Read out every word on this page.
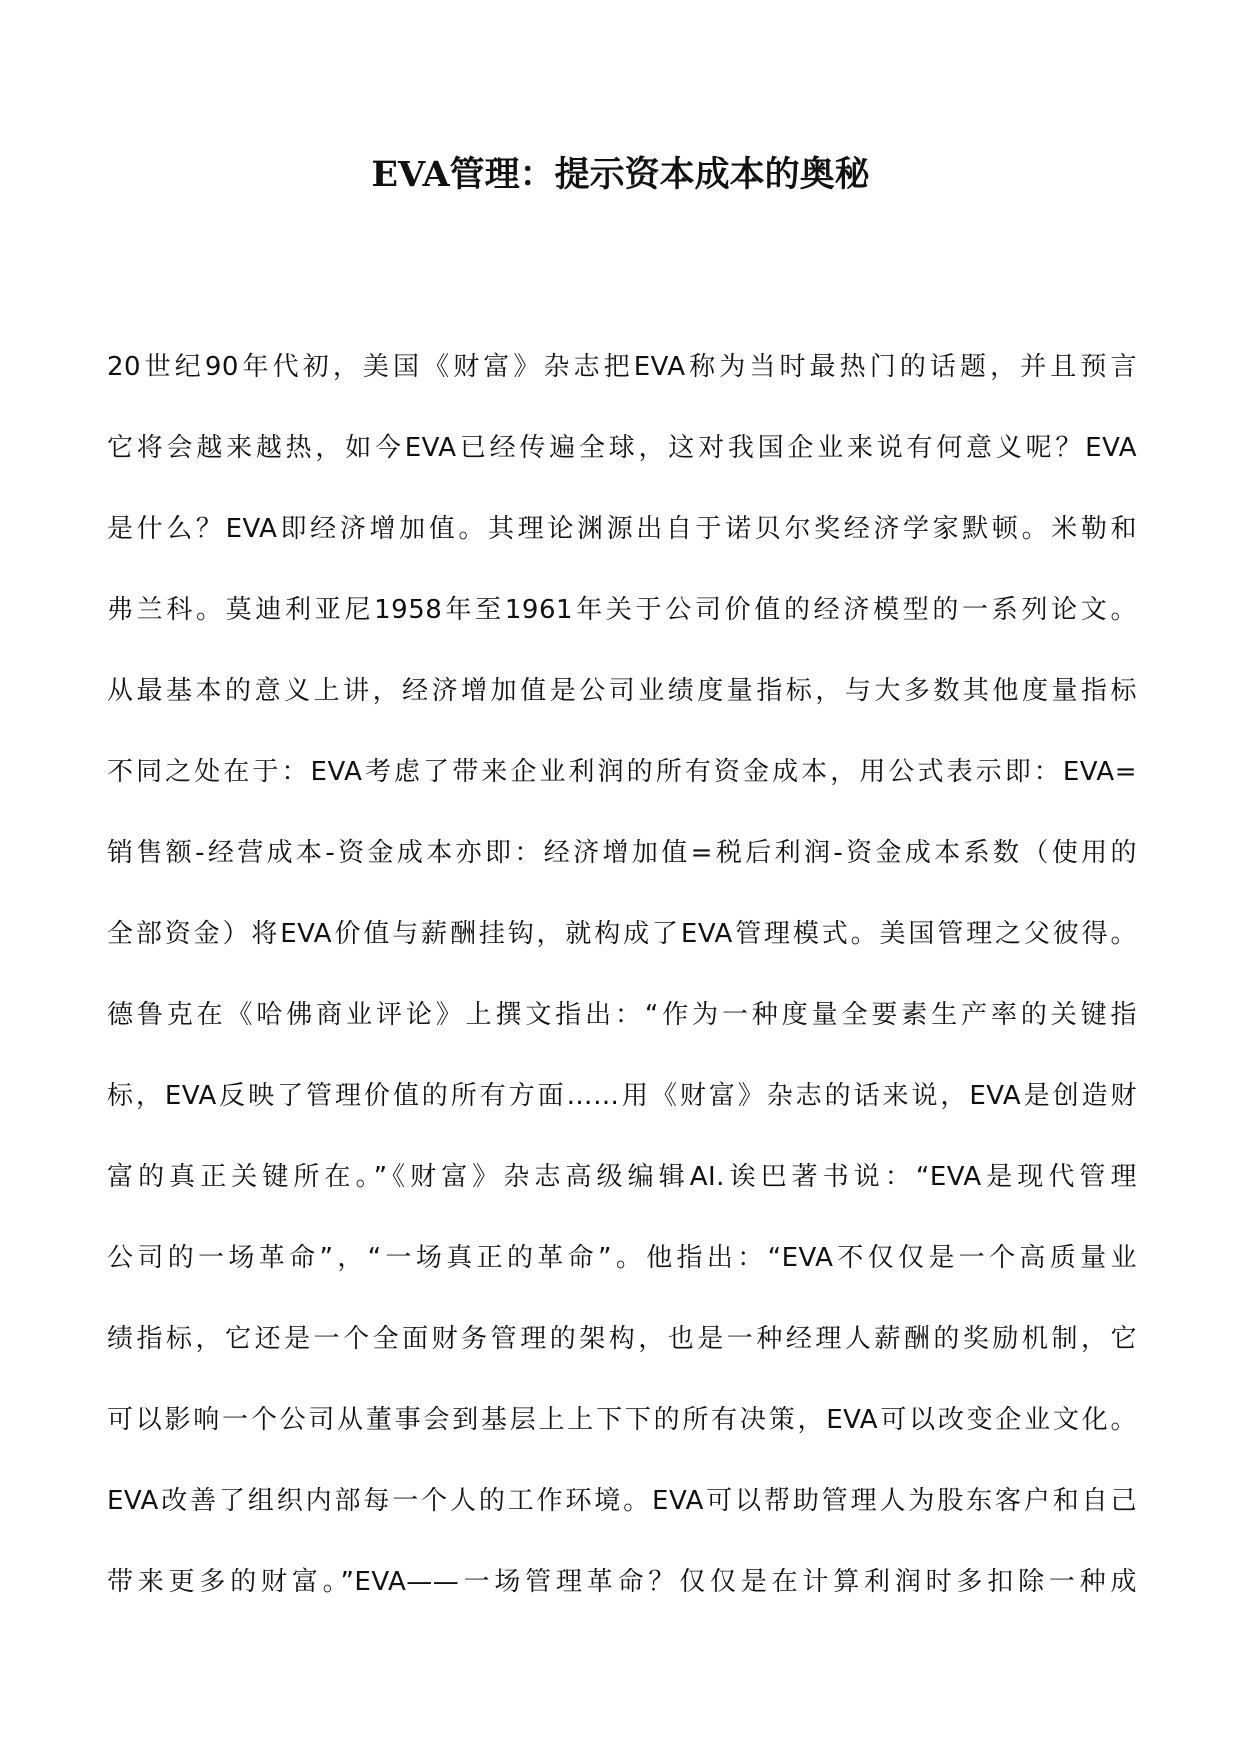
EVA管理：提示资本成本的奥秘
20世纪90年代初，美国《财富》杂志把EVA称为当时最热门的话题，并且预言
它将会越来越热，如今EVA已经传遍全球，这对我国企业来说有何意义呢？EVA
是什么？EVA即经济增加值。其理论渊源出自于诺贝尔奖经济学家默顿。米勒和
弗兰科。莫迪利亚尼1958年至1961年关于公司价值的经济模型的一系列论文。
从最基本的意义上讲，经济增加值是公司业绩度量指标，与大多数其他度量指标
不同之处在于：EVA考虑了带来企业利润的所有资金成本，用公式表示即：EVA=
销售额-经营成本-资金成本亦即：经济增加值=税后利润-资金成本系数（使用的
全部资金）将EVA价值与薪酬挂钩，就构成了EVA管理模式。美国管理之父彼得。
德鲁克在《哈佛商业评论》上撰文指出：“作为一种度量全要素生产率的关键指
标，EVA反映了管理价值的所有方面……用《财富》杂志的话来说，EVA是创造财
富的真正关键所在。”《财富》杂志高级编辑AI.诶巴著书说：“EVA是现代管理
公司的一场革命”，“一场真正的革命”。他指出：“EVA不仅仅是一个高质量业
绩指标，它还是一个全面财务管理的架构，也是一种经理人薪酬的奖励机制，它
可以影响一个公司从董事会到基层上上下下的所有决策，EVA可以改变企业文化。
EVA改善了组织内部每一个人的工作环境。EVA可以帮助管理人为股东客户和自己
带来更多的财富。”EVA——一场管理革命？仅仅是在计算利润时多扣除一种成
